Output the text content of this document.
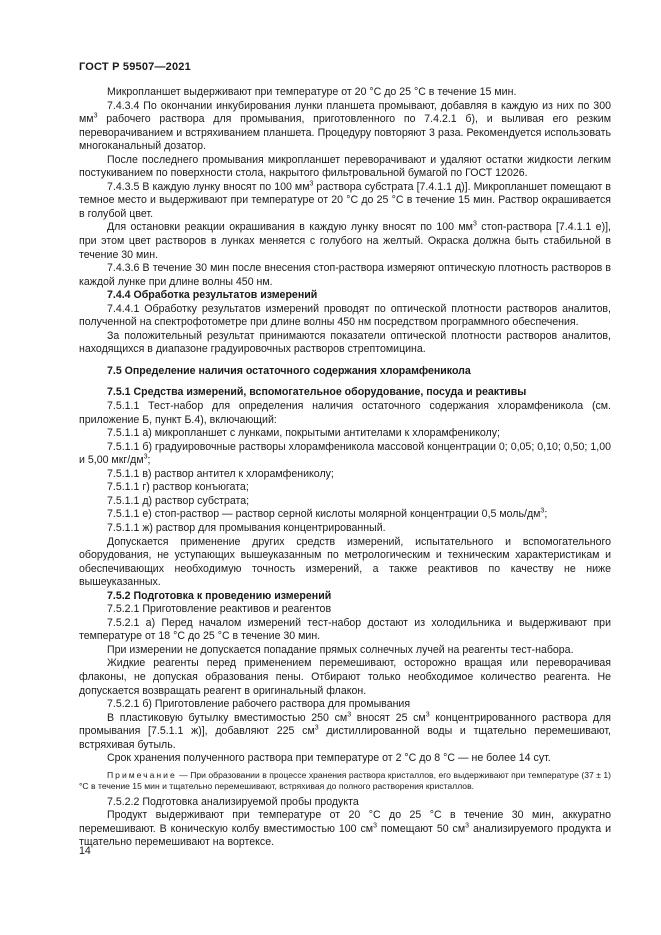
ГОСТ Р 59507—2021

Микропланшет выдерживают при температуре от 20 °С до 25 °С в течение 15 мин.

7.4.3.4 По окончании инкубирования лунки планшета промывают, добавляя в каждую из них по 300 $мм^3$ рабочего раствора для промывания, приготовленного по 7.4.2.1 б), и выливая его резким переворачиванием и встряхиванием планшета. Процедуру повторяют 3 раза. Рекомендуется использовать многоканальный дозатор.

После последнего промывания микропланшет переворачивают и удаляют остатки жидкости легким постукиванием по поверхности стола, накрытого фильтровальной бумагой по ГОСТ 12026.

7.4.3.5 В каждую лунку вносят по 100 $мм^3$ раствора субстрата [7.4.1.1 д)]. Микропланшет помещают в темное место и выдерживают при температуре от 20 °С до 25 °С в течение 15 мин. Раствор окрашивается в голубой цвет.

Для остановки реакции окрашивания в каждую лунку вносят по 100 $мм^3$ стоп-раствора [7.4.1.1 е)], при этом цвет растворов в лунках меняется с голубого на желтый. Окраска должна быть стабильной в течение 30 мин.

7.4.3.6 В течение 30 мин после внесения стоп-раствора измеряют оптическую плотность растворов в каждой лунке при длине волны 450 нм.

7.4.4 Обработка результатов измерений

7.4.4.1 Обработку результатов измерений проводят по оптической плотности растворов аналитов, полученной на спектрофотометре при длине волны 450 нм посредством программного обеспечения.

За положительный результат принимаются показатели оптической плотности растворов аналитов, находящихся в диапазоне градуировочных растворов стрептомицина.

7.5 Определение наличия остаточного содержания хлорамфеникола

7.5.1 Средства измерений, вспомогательное оборудование, посуда и реактивы

7.5.1.1 Тест-набор для определения наличия остаточного содержания хлорамфеникола (см. приложение Б, пункт Б.4), включающий:

7.5.1.1 а) микропланшет с лунками, покрытыми антителами к хлорамфениколу;

7.5.1.1 б) градуировочные растворы хлорамфеникола массовой концентрации 0; 0,05; 0,10; 0,50; 1,00 и 5,00 мкг/$дм^3$;

7.5.1.1 в) раствор антител к хлорамфениколу;

7.5.1.1 г) раствор конъюгата;

7.5.1.1 д) раствор субстрата;

7.5.1.1 е) стоп-раствор — раствор серной кислоты молярной концентрации 0,5 моль/$дм^3$;

7.5.1.1 ж) раствор для промывания концентрированный.

Допускается применение других средств измерений, испытательного и вспомогательного оборудования, не уступающих вышеуказанным по метрологическим и техническим характеристикам и обеспечивающих необходимую точность измерений, а также реактивов по качеству не ниже вышеуказанных.

7.5.2 Подготовка к проведению измерений

7.5.2.1 Приготовление реактивов и реагентов

7.5.2.1 а) Перед началом измерений тест-набор достают из холодильника и выдерживают при температуре от 18 °С до 25 °С в течение 30 мин.

При измерении не допускается попадание прямых солнечных лучей на реагенты тест-набора.

Жидкие реагенты перед применением перемешивают, осторожно вращая или переворачивая флаконы, не допуская образования пены. Отбирают только необходимое количество реагента. Не допускается возвращать реагент в оригинальный флакон.

7.5.2.1 б) Приготовление рабочего раствора для промывания

В пластиковую бутылку вместимостью 250 $см^3$ вносят 25 $см^3$ концентрированного раствора для промывания [7.5.1.1 ж)], добавляют 225 $см^3$ дистиллированной воды и тщательно перемешивают, встряхивая бутыль.

Срок хранения полученного раствора при температуре от 2 °С до 8 °С — не более 14 сут.

Примечание — При образовании в процессе хранения раствора кристаллов, его выдерживают при температуре (37 ± 1) °С в течение 15 мин и тщательно перемешивают, встряхивая до полного растворения кристаллов.

7.5.2.2 Подготовка анализируемой пробы продукта

Продукт выдерживают при температуре от 20 °С до 25 °С в течение 30 мин, аккуратно перемешивают. В коническую колбу вместимостью 100 $см^3$ помещают 50 $см^3$ анализируемого продукта и тщательно перемешивают на вортексе.

14
